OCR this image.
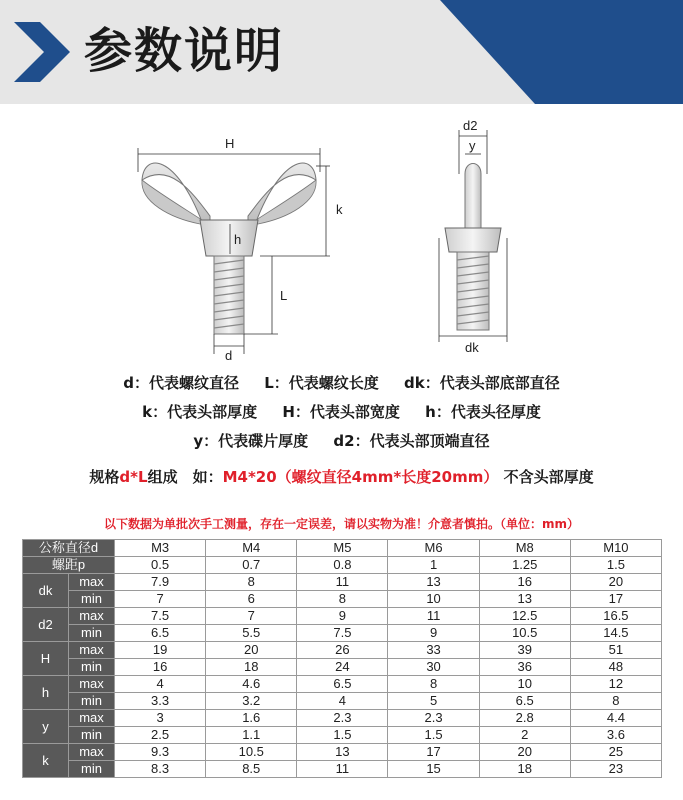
参数说明
H
h
k
L
d
d2
y
dk
d：代表螺纹直径 L：代表螺纹长度 dk：代表头部底部直径
k：代表头部厚度 H：代表头部宽度 h：代表头径厚度
y：代表碟片厚度 d2：代表头部顶端直径
规格d*L组成　如：M4*20（螺纹直径4mm*长度20mm） 不含头部厚度
以下数据为单批次手工测量，存在一定误差，请以实物为准！介意者慎拍。（单位：mm）
公称直径d		M3	M4	M5	M6	M8	M10
螺距p		0.5	0.7	0.8	1	1.25	1.5
dk	max	7.9	8	11	13	16	20
	min	7	6	8	10	13	17
d2	max	7.5	7	9	11	12.5	16.5
	min	6.5	5.5	7.5	9	10.5	14.5
H	max	19	20	26	33	39	51
	min	16	18	24	30	36	48
h	max	4	4.6	6.5	8	10	12
	min	3.3	3.2	4	5	6.5	8
y	max	3	1.6	2.3	2.3	2.8	4.4
	min	2.5	1.1	1.5	1.5	2	3.6
k	max	9.3	10.5	13	17	20	25
	min	8.3	8.5	11	15	18	23
